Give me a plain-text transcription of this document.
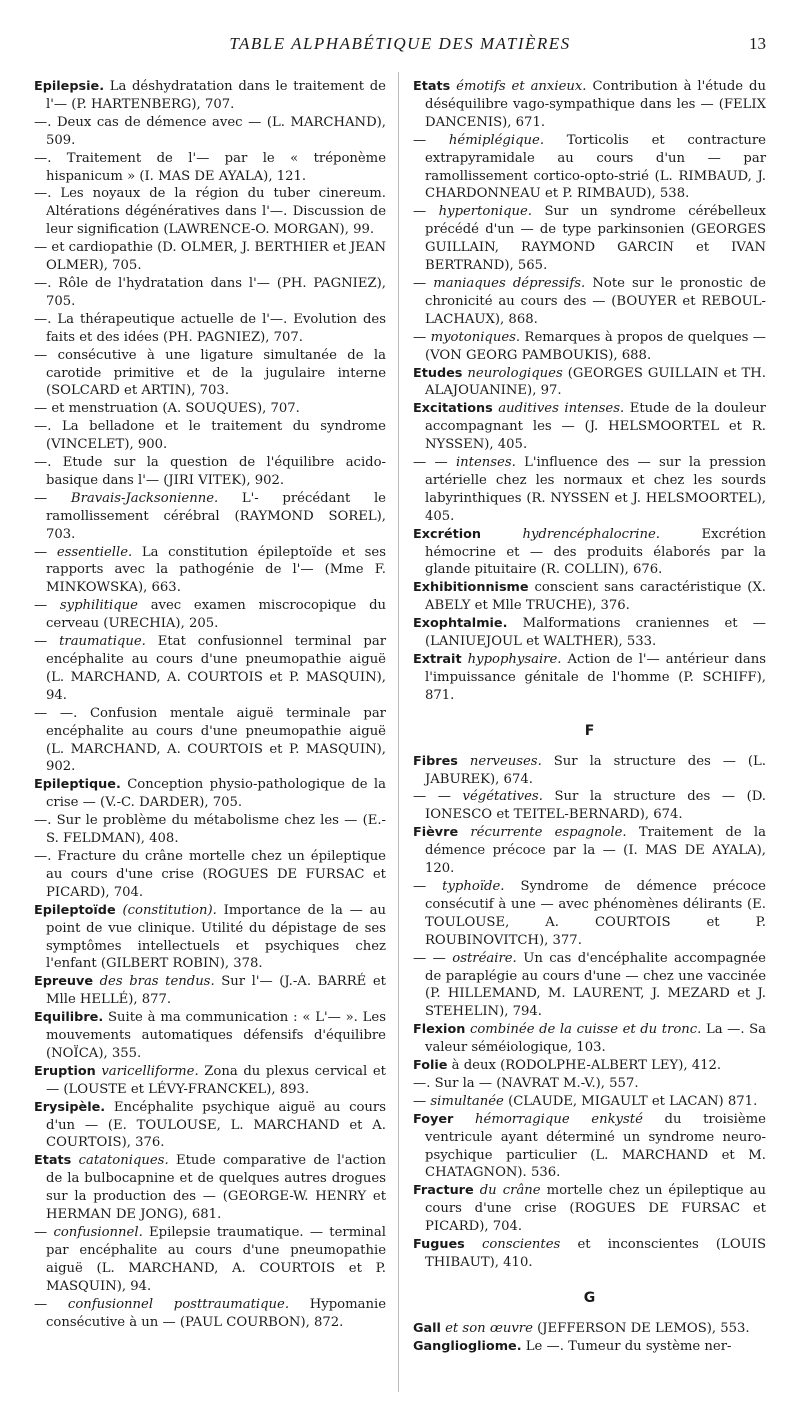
TABLE ALPHABÉTIQUE DES MATIÈRES	13
Epilepsie. La déshydratation dans le traitement de l'— (P. HARTENBERG), 707.
—. Deux cas de démence avec — (L. MARCHAND), 509.
—. Traitement de l'— par le « tréponème hispanicum » (I. MAS DE AYALA), 121.
—. Les noyaux de la région du tuber cinereum. Altérations dégénératives dans l'—. Discussion de leur signification (LAWRENCE-O. MORGAN), 99.
— et cardiopathie (D. OLMER, J. BERTHIER et JEAN OLMER), 705.
—. Rôle de l'hydratation dans l'— (PH. PAGNIEZ), 705.
—. La thérapeutique actuelle de l'—. Evolution des faits et des idées (PH. PAGNIEZ), 707.
— consécutive à une ligature simultanée de la carotide primitive et de la jugulaire interne (SOLCARD et ARTIN), 703.
— et menstruation (A. SOUQUES), 707.
—. La belladone et le traitement du syndrome (VINCELET), 900.
—. Etude sur la question de l'équilibre acido-basique dans l'— (JIRI VITEK), 902.
— Bravais-Jacksonienne. L'- précédant le ramollissement cérébral (RAYMOND SOREL), 703.
— essentielle. La constitution épileptoïde et ses rapports avec la pathogénie de l'— (Mme F. MINKOWSKA), 663.
— syphilitique avec examen miscrocopique du cerveau (URECHIA), 205.
— traumatique. Etat confusionnel terminal par encéphalite au cours d'une pneumopathie aiguë (L. MARCHAND, A. COURTOIS et P. MASQUIN), 94.
— —. Confusion mentale aiguë terminale par encéphalite au cours d'une pneumopathie aiguë (L. MARCHAND, A. COURTOIS et P. MASQUIN), 902.
Epileptique. Conception physio-pathologique de la crise — (V.-C. DARDER), 705.
—. Sur le problème du métabolisme chez les — (E.-S. FELDMAN), 408.
—. Fracture du crâne mortelle chez un épileptique au cours d'une crise (ROGUES DE FURSAC et PICARD), 704.
Epileptoïde (constitution). Importance de la — au point de vue clinique. Utilité du dépistage de ses symptômes intellectuels et psychiques chez l'enfant (GILBERT ROBIN), 378.
Epreuve des bras tendus. Sur l'— (J.-A. BARRÉ et Mlle HELLÉ), 877.
Equilibre. Suite à ma communication : « L'— ». Les mouvements automatiques défensifs d'équilibre (NOÏCA), 355.
Eruption varicelliforme. Zona du plexus cervical et — (LOUSTE et LÉVY-FRANCKEL), 893.
Erysipèle. Encéphalite psychique aiguë au cours d'un — (E. TOULOUSE, L. MARCHAND et A. COURTOIS), 376.
Etats catatoniques. Etude comparative de l'action de la bulbocapnine et de quelques autres drogues sur la production des — (GEORGE-W. HENRY et HERMAN DE JONG), 681.
— confusionnel. Epilepsie traumatique. — terminal par encéphalite au cours d'une pneumopathie aiguë (L. MARCHAND, A. COURTOIS et P. MASQUIN), 94.
— confusionnel posttraumatique. Hypomanie consécutive à un — (PAUL COURBON), 872.
Etats émotifs et anxieux. Contribution à l'étude du déséquilibre vago-sympathique dans les — (FELIX DANCENIS), 671.
— hémiplégique. Torticolis et contracture extrapyramidale au cours d'un — par ramollissement cortico-opto-strié (L. RIMBAUD, J. CHARDONNEAU et P. RIMBAUD), 538.
— hypertonique. Sur un syndrome cérébelleux précédé d'un — de type parkinsonien (GEORGES GUILLAIN, RAYMOND GARCIN et IVAN BERTRAND), 565.
— maniaques dépressifs. Note sur le pronostic de chronicité au cours des — (BOUYER et REBOUL-LACHAUX), 868.
— myotoniques. Remarques à propos de quelques — (VON GEORG PAMBOUKIS), 688.
Etudes neurologiques (GEORGES GUILLAIN et TH. ALAJOUANINE), 97.
Excitations auditives intenses. Etude de la douleur accompagnant les — (J. HELSMOORTEL et R. NYSSEN), 405.
— — intenses. L'influence des — sur la pression artérielle chez les normaux et chez les sourds labyrinthiques (R. NYSSEN et J. HELSMOORTEL), 405.
Excrétion	hydrencéphalocrine.	Excrétion hémocrine et — des produits élaborés par la glande pituitaire (R. COLLIN), 676.
Exhibitionnisme conscient sans caractéristique (X. ABELY et Mlle TRUCHE), 376.
Exophtalmie. Malformations craniennes et — (LANIUEJOUL et WALTHER), 533.
Extrait hypophysaire. Action de l'— antérieur dans l'impuissance génitale de l'homme (P. SCHIFF), 871.
F
Fibres nerveuses. Sur la structure des — (L. JABUREK), 674.
— — végétatives. Sur la structure des — (D. IONESCO et TEITEL-BERNARD), 674.
Fièvre récurrente espagnole. Traitement de la démence précoce par la — (I. MAS DE AYALA), 120.
— typhoïde. Syndrome de démence précoce consécutif à une — avec phénomènes délirants (E. TOULOUSE, A. COURTOIS et P. ROUBINOVITCH), 377.
— — ostréaire. Un cas d'encéphalite accompagnée de paraplégie au cours d'une — chez une vaccinée (P. HILLEMAND, M. LAURENT, J. MEZARD et J. STEHELIN), 794.
Flexion combinée de la cuisse et du tronc. La —. Sa valeur séméiologique, 103.
Folie à deux (RODOLPHE-ALBERT LEY), 412.
—. Sur la — (NAVRAT M.-V.), 557.
— simultanée (CLAUDE, MIGAULT et LACAN) 871.
Foyer hémorragique enkysté du troisième ventricule ayant déterminé un syndrome neuro-psychique particulier (L. MARCHAND et M. CHATAGNON). 536.
Fracture du crâne mortelle chez un épileptique au cours d'une crise (ROGUES DE FURSAC et PICARD), 704.
Fugues conscientes et inconscientes (LOUIS THIBAUT), 410.
G
Gall et son œuvre (JEFFERSON DE LEMOS), 553.
Gangliogliome. Le —. Tumeur du système ner-
